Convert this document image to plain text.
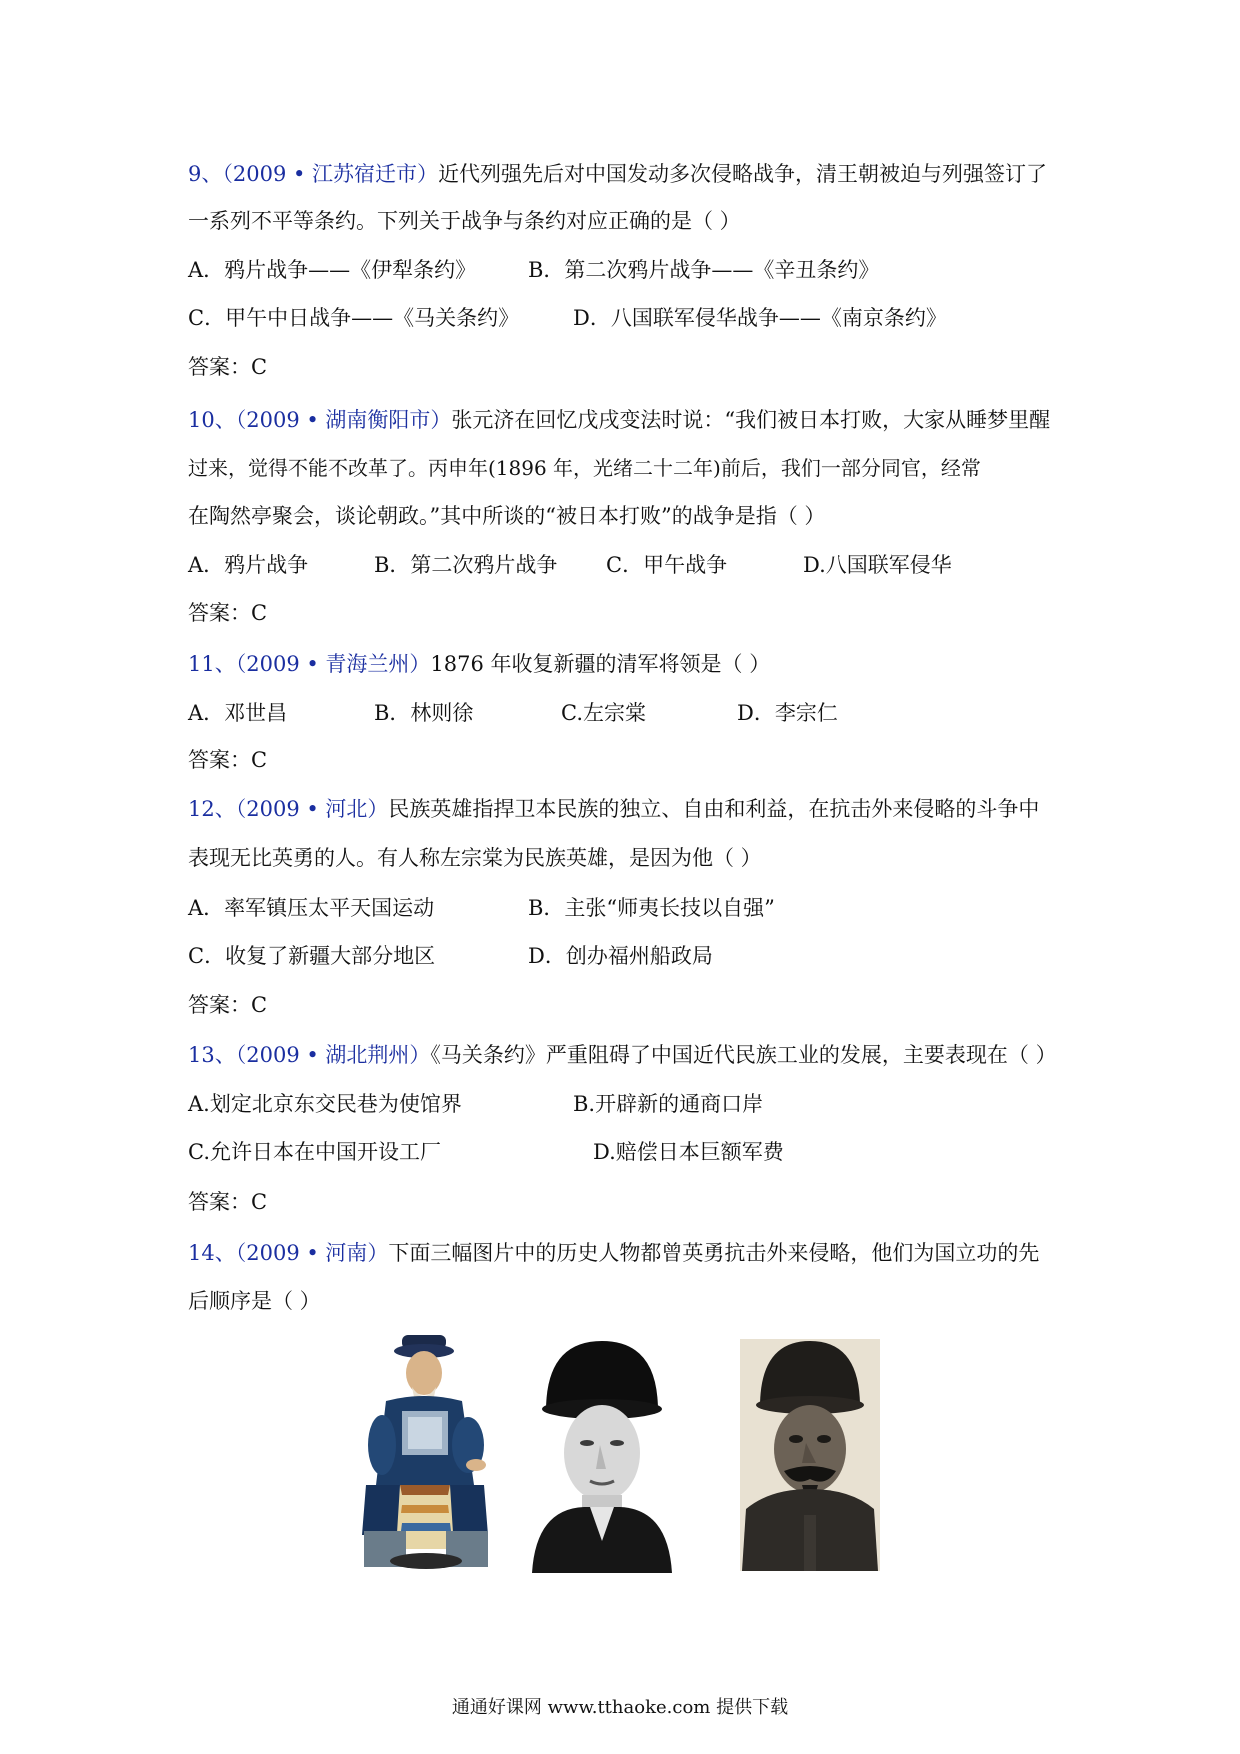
9、（2009 • 江苏宿迁市）近代列强先后对中国发动多次侵略战争，清王朝被迫与列强签订了
一系列不平等条约。下列关于战争与条约对应正确的是（ ）
A．鸦片战争——《伊犁条约》 B．第二次鸦片战争——《辛丑条约》
C．甲午中日战争——《马关条约》	D．八国联军侵华战争——《南京条约》
答案：C
10、（2009 • 湖南衡阳市）张元济在回忆戊戌变法时说：“我们被日本打败，大家从睡梦里醒
过来，觉得不能不改革了。丙申年(1896 年，光绪二十二年)前后，我们一部分同官，经常
在陶然亭聚会，谈论朝政。”其中所谈的“被日本打败”的战争是指（ ）
A．鸦片战争	B．第二次鸦片战争 C．甲午战争	D.八国联军侵华
答案：C
11、（2009 • 青海兰州）1876 年收复新疆的清军将领是（ ）
A．邓世昌	B．林则徐	C.左宗棠	D．李宗仁
答案：C
12、（2009 • 河北）民族英雄指捍卫本民族的独立、自由和利益，在抗击外来侵略的斗争中
表现无比英勇的人。有人称左宗棠为民族英雄，是因为他（ ）
A．率军镇压太平天国运动	B．主张“师夷长技以自强”
C．收复了新疆大部分地区	D．创办福州船政局
答案：C
13、（2009 • 湖北荆州）《马关条约》严重阻碍了中国近代民族工业的发展，主要表现在（ ）
A.划定北京东交民巷为使馆界	B.开辟新的通商口岸
C.允许日本在中国开设工厂	D.赔偿日本巨额军费
答案：C
14、（2009 • 河南）下面三幅图片中的历史人物都曾英勇抗击外来侵略，他们为国立功的先
后顺序是（ ）
通通好课网 www.tthaoke.com 提供下载
